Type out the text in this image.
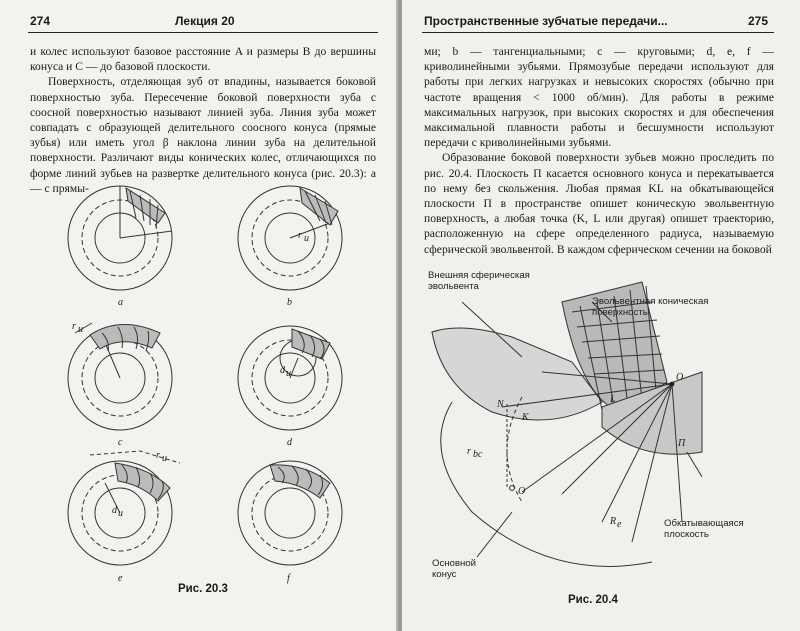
274	Лекция 20

и колес используют базовое расстояние A и размеры B до вершины конуса и C — до базовой плоскости.

Поверхность, отделяющая зуб от впадины, называется боковой поверхностью зуба. Пересечение боковой поверхности зуба с соосной поверхностью называют линией зуба. Линия зуба может совпадать с образующей делительного соосного конуса (прямые зубья) или иметь угол β наклона линии зуба на делительной поверхности. Различают виды конических колес, отличающихся по форме линий зубьев на развертке делительного конуса (рис. 20.3): a — с прямы-

a	b
c	d
e	f
r и
r и
d и
d и
r и
Рис. 20.3
Пространственные зубчатые передачи...	275

ми; b — тангенциальными; c — круговыми; d, e, f — криволинейными зубьями. Прямозубые передачи используют для работы при легких нагрузках и невысоких скоростях (обычно при частоте вращения < 1000 об/мин). Для работы в режиме максимальных нагрузок, при высоких скоростях и для обеспечения максимальной плавности работы и бесшумности используют передачи с криволинейными зубьями.

Образование боковой поверхности зубьев можно проследить по рис. 20.4. Плоскость П касается основного конуса и перекатывается по нему без скольжения. Любая прямая KL на обкатывающейся плоскости П в пространстве опишет коническую эвольвентную поверхность, а любая точка (K, L или другая) опишет траекторию, расположенную на сфере определенного радиуса, называемую сферической эвольвентой. В каждом сферическом сечении на боковой

O
O
N
K
L
П
r bc
R e
Внешняя сферическая эвольвента
Эвольвентная коническая поверхность
Обкатывающаяся плоскость
Основной конус
Рис. 20.4
